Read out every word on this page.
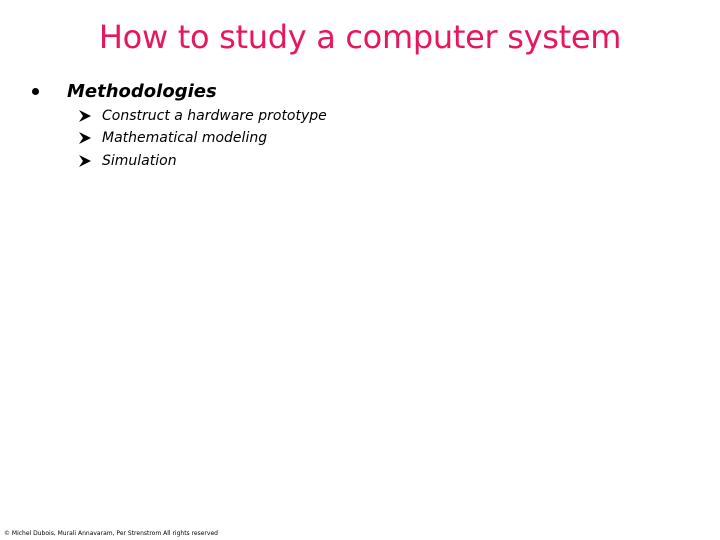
How to study a computer system
Methodologies
Construct a hardware prototype
Mathematical modeling
Simulation
© Michel Dubois, Murali Annavaram, Per Strenstrom All rights reserved
